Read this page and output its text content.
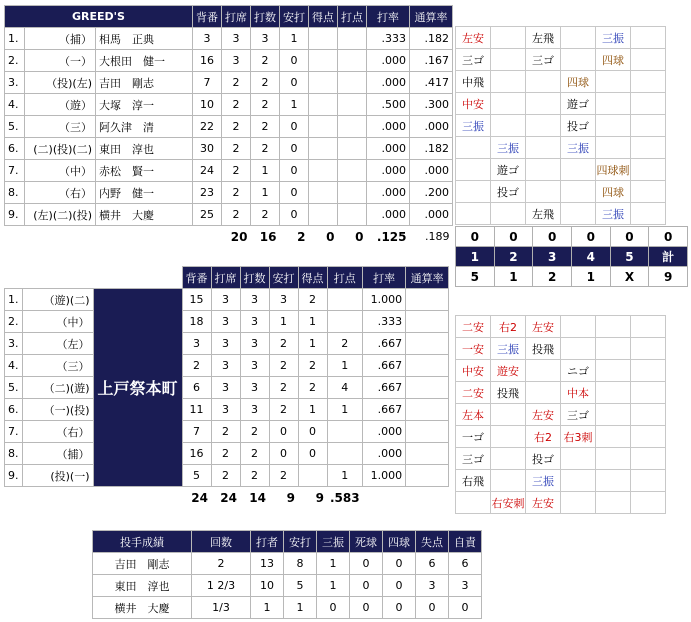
GREED'S			背番	打席	打数	安打	得点	打点	打率	通算率
1.	（捕）	相馬　正典	3	3	3	1			.333	.182
2.	（一）	大根田　健一	16	3	2	0			.000	.167
3.	（投)(左)	吉田　剛志	7	2	2	0			.000	.417
4.	（遊）	大塚　淳一	10	2	2	1			.500	.300
5.	（三）	阿久津　清	22	2	2	0			.000	.000
6.	(二)(投)(二)	東田　淳也	30	2	2	0			.000	.182
7.	（中）	赤松　賢一	24	2	1	0			.000	.000
8.	（右）	内野　健一	23	2	1	0			.000	.200
9.	(左)(二)(投)	横井　大慶	25	2	2	0			.000	.000
				20	16	2	0	0	.125	.189
左安		左飛		三振	
三ゴ		三ゴ		四球	
中飛			四球		
中安			遊ゴ		
三振			投ゴ		
	三振		三振		
	遊ゴ			四球刺	
	投ゴ			四球	
		左飛		三振	
0	0	0	0	0	0
1	2	3	4	5	計
5	1	2	1	X	9
			背番	打席	打数	安打	得点	打点	打率	通算率
1.	（遊)(二)	上戸祭本町	15	3	3	3	2		1.000	
2.	（中）		18	3	3	1	1		.333	
3.	（左）		3	3	3	2	1	2	.667	
4.	（三）		2	3	3	2	2	1	.667	
5.	（二)(遊)		6	3	3	2	2	4	.667	
6.	（一)(投)		11	3	3	2	1	1	.667	
7.	（右）		7	2	2	0	0		.000	
8.	（捕）		16	2	2	0	0		.000	
9.	(投)(一)		5	2	2	2		1	1.000	
			24	24	14	9	9	.583		
二安	右2	左安			
一安	三振	投飛			
中安	遊安		ニゴ		
二安	投飛		中本		
左本		左安	三ゴ		
一ゴ		右2	右3刺		
三ゴ		投ゴ			
右飛		三振			
	右安刺	左安			
投手成績	回数	打者	安打	三振	死球	四球	失点	自責
吉田　剛志	2	13	8	1	0	0	6	6
東田　淳也	1 2/3	10	5	1	0	0	3	3
横井　大慶	1/3	1	1	0	0	0	0	0
